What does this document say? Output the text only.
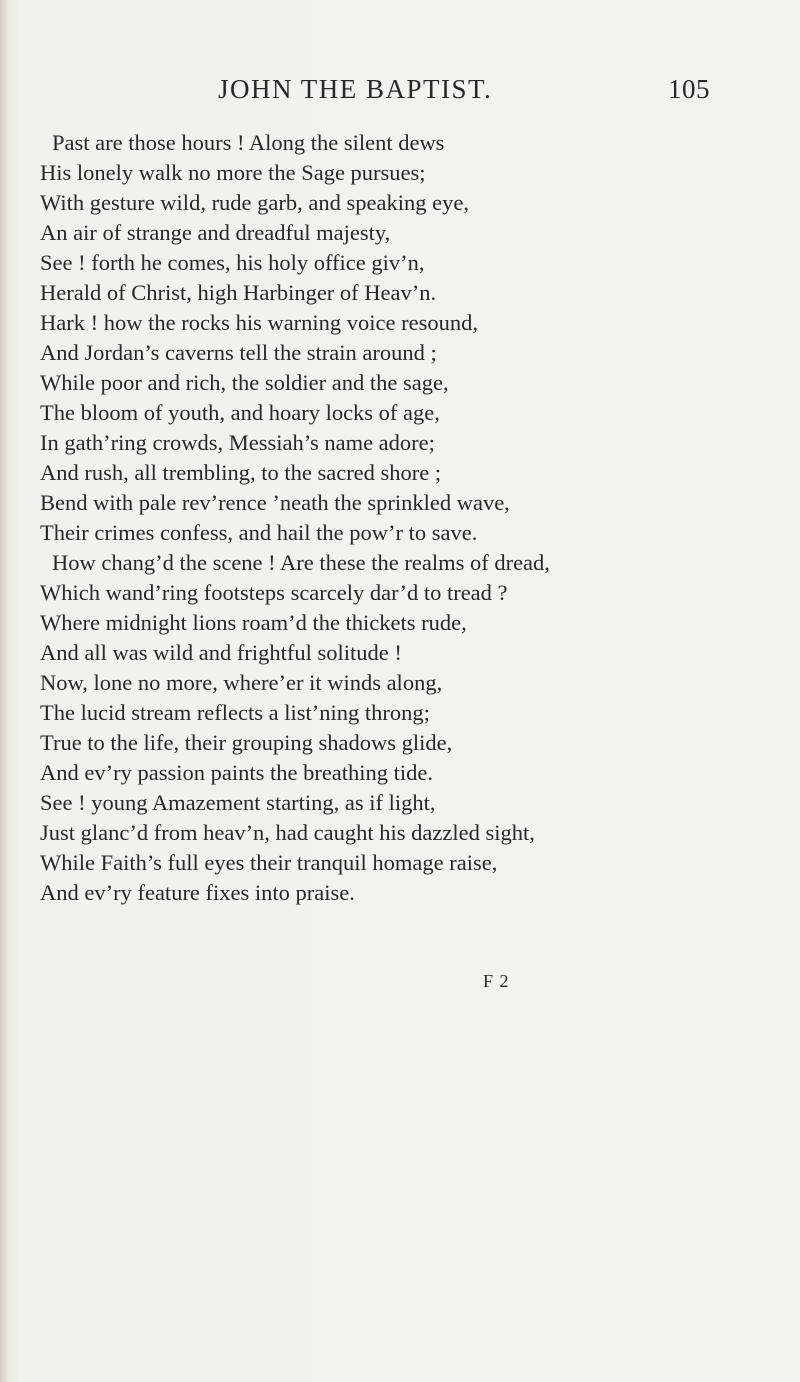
JOHN THE BAPTIST.	105
Past are those hours ! Along the silent dews
His lonely walk no more the Sage pursues;
With gesture wild, rude garb, and speaking eye,
An air of strange and dreadful majesty,
See ! forth he comes, his holy office giv’n,
Herald of Christ, high Harbinger of Heav’n.
Hark ! how the rocks his warning voice resound,
And Jordan’s caverns tell the strain around ;
While poor and rich, the soldier and the sage,
The bloom of youth, and hoary locks of age,
In gath’ring crowds, Messiah’s name adore;
And rush, all trembling, to the sacred shore ;
Bend with pale rev’rence ’neath the sprinkled wave,
Their crimes confess, and hail the pow’r to save.
How chang’d the scene ! Are these the realms of dread,
Which wand’ring footsteps scarcely dar’d to tread ?
Where midnight lions roam’d the thickets rude,
And all was wild and frightful solitude !
Now, lone no more, where’er it winds along,
The lucid stream reflects a list’ning throng;
True to the life, their grouping shadows glide,
And ev’ry passion paints the breathing tide.
See ! young Amazement starting, as if light,
Just glanc’d from heav’n, had caught his dazzled sight,
While Faith’s full eyes their tranquil homage raise,
And ev’ry feature fixes into praise.
F 2
